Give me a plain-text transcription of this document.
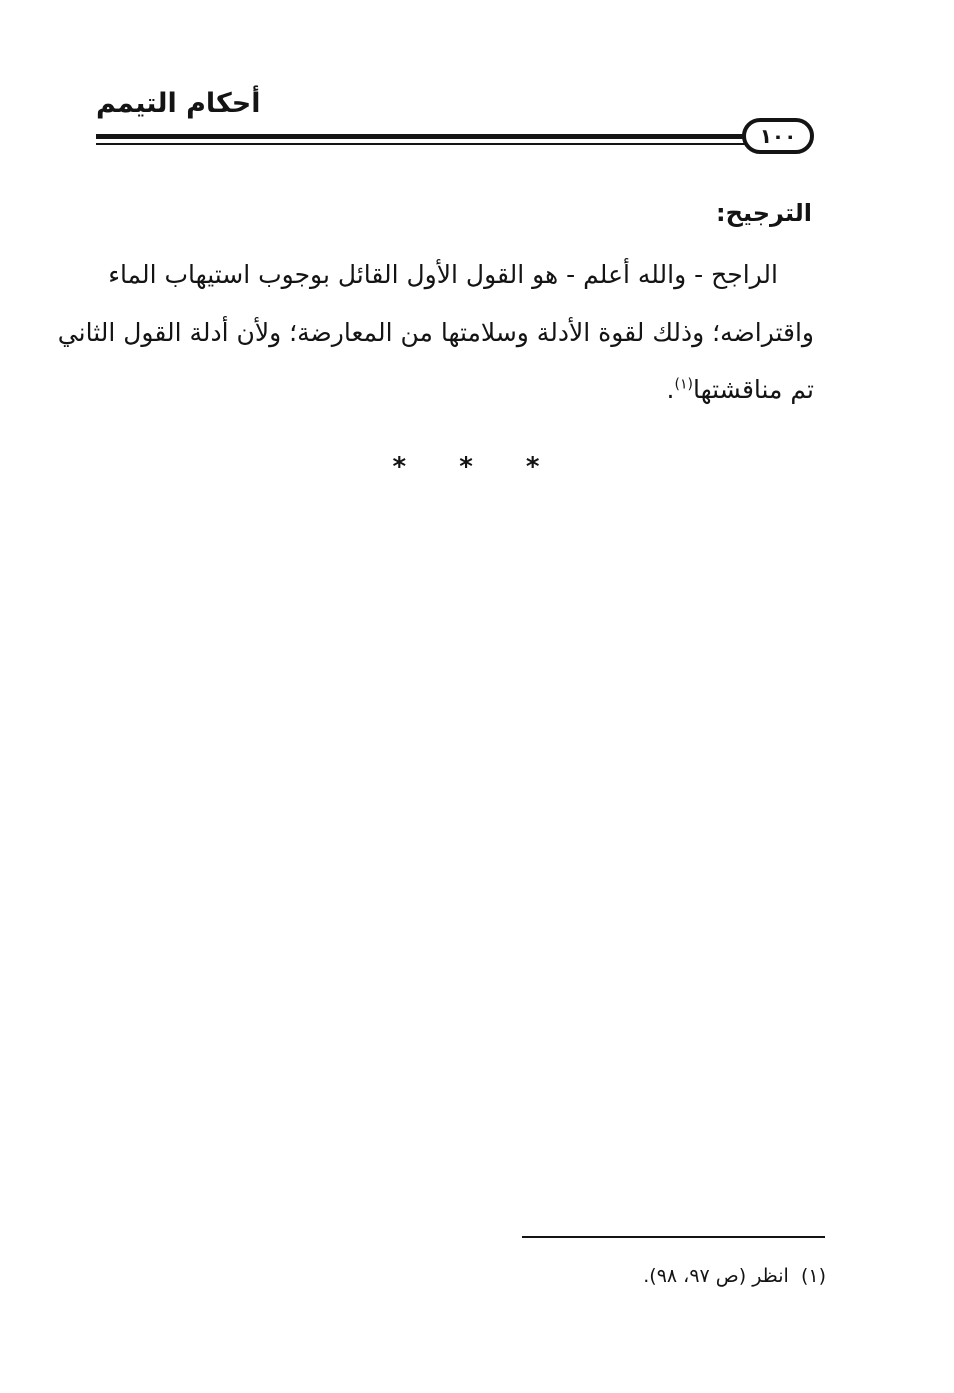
أحكام التيمم
١٠٠
الترجيح:
الراجح - والله أعلم - هو القول الأول القائل بوجوب استيهاب الماء
واقتراضه؛ وذلك لقوة الأدلة وسلامتها من المعارضة؛ ولأن أدلة القول الثاني
تم مناقشتها$^{(١)}$.
* * *
(١)  انظر (ص ٩٧، ٩٨).
